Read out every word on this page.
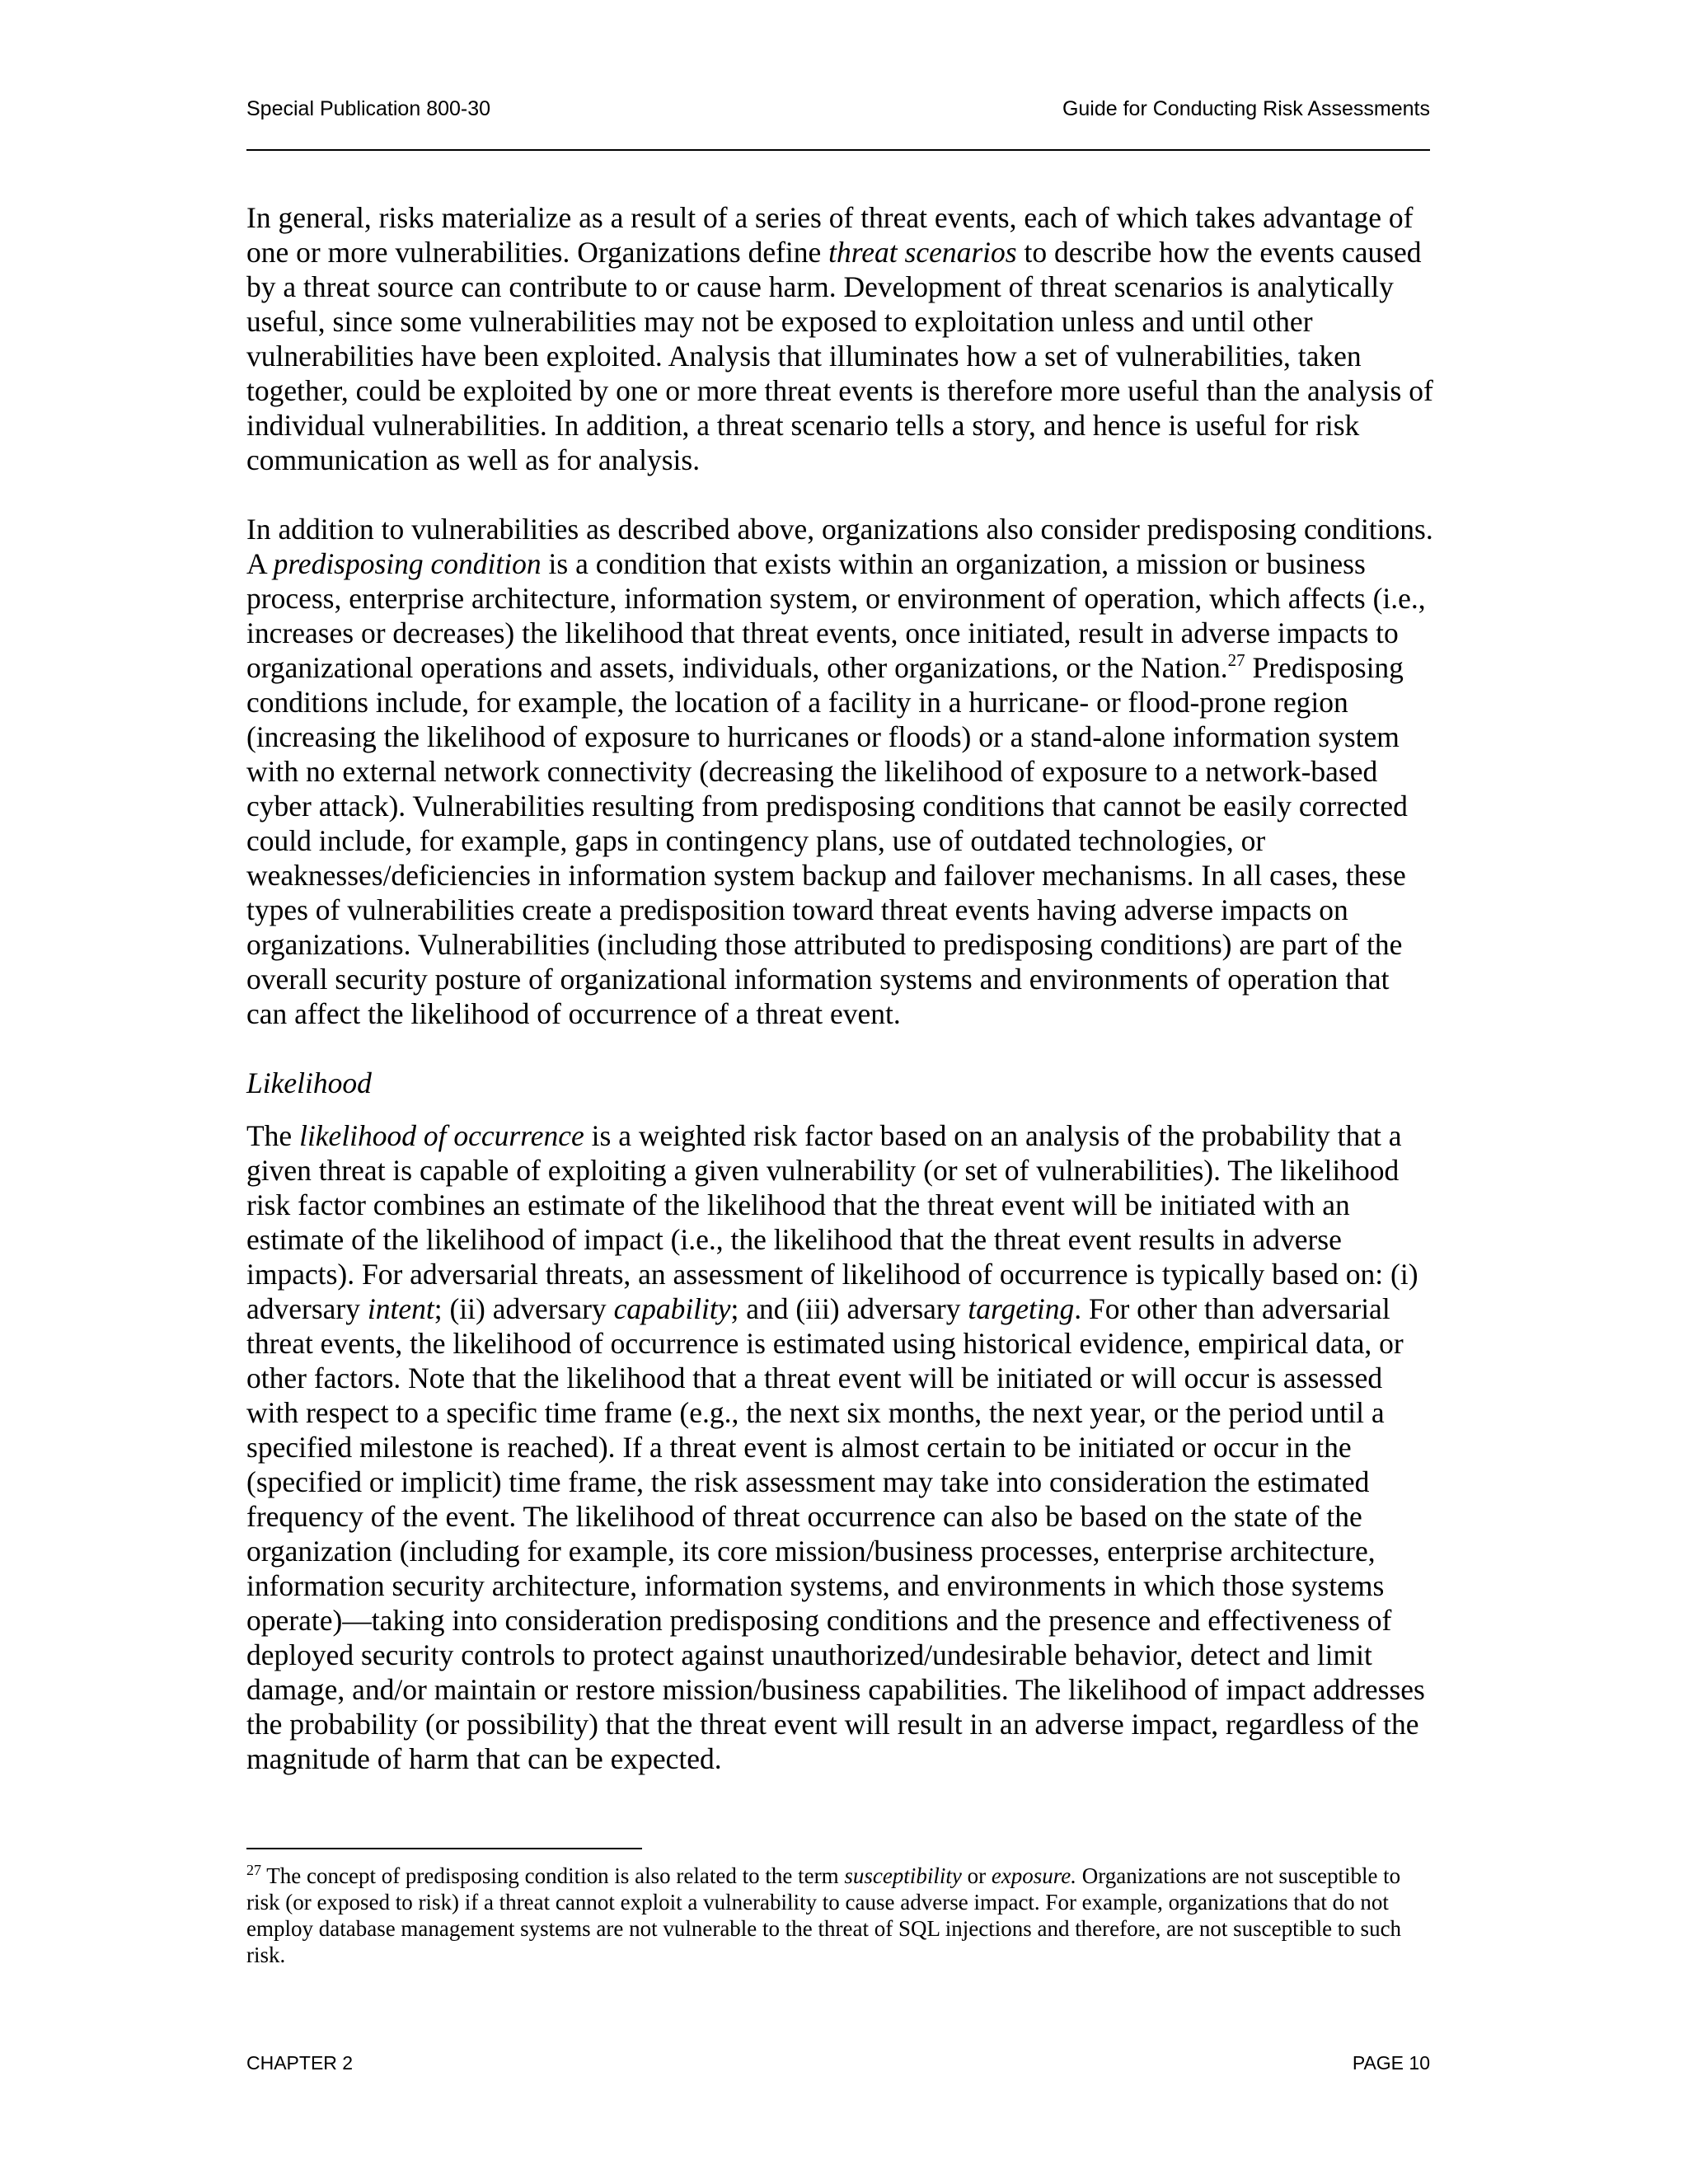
Special Publication 800-30	Guide for Conducting Risk Assessments

In general, risks materialize as a result of a series of threat events, each of which takes advantage of one or more vulnerabilities. Organizations define threat scenarios to describe how the events caused by a threat source can contribute to or cause harm. Development of threat scenarios is analytically useful, since some vulnerabilities may not be exposed to exploitation unless and until other vulnerabilities have been exploited. Analysis that illuminates how a set of vulnerabilities, taken together, could be exploited by one or more threat events is therefore more useful than the analysis of individual vulnerabilities. In addition, a threat scenario tells a story, and hence is useful for risk communication as well as for analysis.

In addition to vulnerabilities as described above, organizations also consider predisposing conditions. A predisposing condition is a condition that exists within an organization, a mission or business process, enterprise architecture, information system, or environment of operation, which affects (i.e., increases or decreases) the likelihood that threat events, once initiated, result in adverse impacts to organizational operations and assets, individuals, other organizations, or the Nation.$^{27}$ Predisposing conditions include, for example, the location of a facility in a hurricane- or flood-prone region (increasing the likelihood of exposure to hurricanes or floods) or a stand-alone information system with no external network connectivity (decreasing the likelihood of exposure to a network-based cyber attack). Vulnerabilities resulting from predisposing conditions that cannot be easily corrected could include, for example, gaps in contingency plans, use of outdated technologies, or weaknesses/deficiencies in information system backup and failover mechanisms. In all cases, these types of vulnerabilities create a predisposition toward threat events having adverse impacts on organizations. Vulnerabilities (including those attributed to predisposing conditions) are part of the overall security posture of organizational information systems and environments of operation that can affect the likelihood of occurrence of a threat event.

Likelihood

The likelihood of occurrence is a weighted risk factor based on an analysis of the probability that a given threat is capable of exploiting a given vulnerability (or set of vulnerabilities). The likelihood risk factor combines an estimate of the likelihood that the threat event will be initiated with an estimate of the likelihood of impact (i.e., the likelihood that the threat event results in adverse impacts). For adversarial threats, an assessment of likelihood of occurrence is typically based on: (i) adversary intent; (ii) adversary capability; and (iii) adversary targeting. For other than adversarial threat events, the likelihood of occurrence is estimated using historical evidence, empirical data, or other factors. Note that the likelihood that a threat event will be initiated or will occur is assessed with respect to a specific time frame (e.g., the next six months, the next year, or the period until a specified milestone is reached). If a threat event is almost certain to be initiated or occur in the (specified or implicit) time frame, the risk assessment may take into consideration the estimated frequency of the event. The likelihood of threat occurrence can also be based on the state of the organization (including for example, its core mission/business processes, enterprise architecture, information security architecture, information systems, and environments in which those systems operate)—taking into consideration predisposing conditions and the presence and effectiveness of deployed security controls to protect against unauthorized/undesirable behavior, detect and limit damage, and/or maintain or restore mission/business capabilities. The likelihood of impact addresses the probability (or possibility) that the threat event will result in an adverse impact, regardless of the magnitude of harm that can be expected.

$^{27}$ The concept of predisposing condition is also related to the term susceptibility or exposure. Organizations are not susceptible to risk (or exposed to risk) if a threat cannot exploit a vulnerability to cause adverse impact. For example, organizations that do not employ database management systems are not vulnerable to the threat of SQL injections and therefore, are not susceptible to such risk.

CHAPTER 2	PAGE 10
